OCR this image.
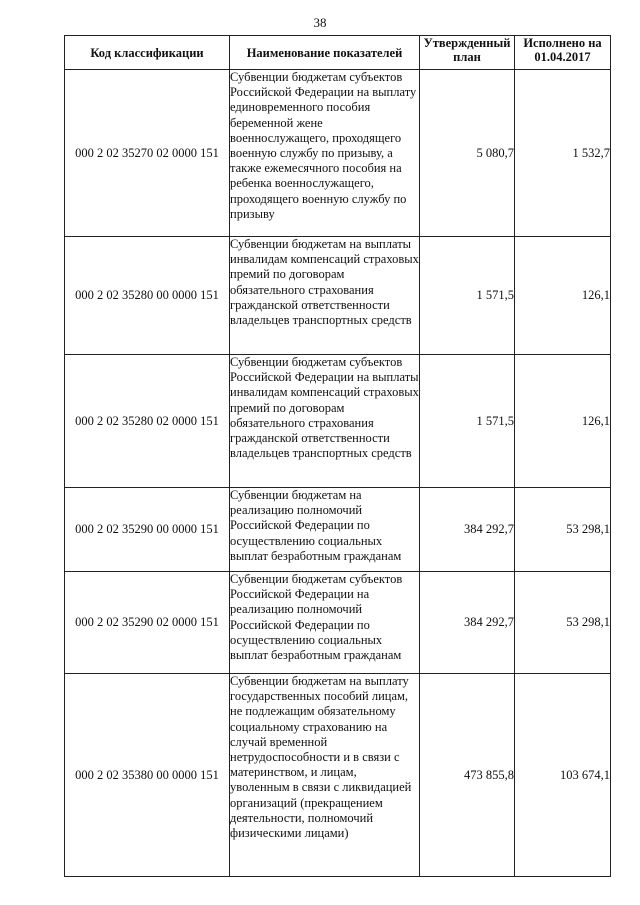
38
Код классификации	Наименование показателей	Утвержденный план	Исполнено на 01.04.2017
000 2 02 35270 02 0000 151	Субвенции бюджетам субъектов Российской Федерации на выплату единовременного пособия беременной жене военнослужащего, проходящего военную службу по призыву, а также ежемесячного пособия на ребенка военнослужащего, проходящего военную службу по призыву	5 080,7	1 532,7
000 2 02 35280 00 0000 151	Субвенции бюджетам на выплаты инвалидам компенсаций страховых премий по договорам обязательного страхования гражданской ответственности владельцев транспортных средств	1 571,5	126,1
000 2 02 35280 02 0000 151	Субвенции бюджетам субъектов Российской Федерации на выплаты инвалидам компенсаций страховых премий по договорам обязательного страхования гражданской ответственности владельцев транспортных средств	1 571,5	126,1
000 2 02 35290 00 0000 151	Субвенции бюджетам на реализацию полномочий Российской Федерации по осуществлению социальных выплат безработным гражданам	384 292,7	53 298,1
000 2 02 35290 02 0000 151	Субвенции бюджетам субъектов Российской Федерации на реализацию полномочий Российской Федерации по осуществлению социальных выплат безработным гражданам	384 292,7	53 298,1
000 2 02 35380 00 0000 151	Субвенции бюджетам на выплату государственных пособий лицам, не подлежащим обязательному социальному страхованию на случай временной нетрудоспособности и в связи с материнством, и лицам, уволенным в связи с ликвидацией организаций (прекращением деятельности, полномочий физическими лицами)	473 855,8	103 674,1
